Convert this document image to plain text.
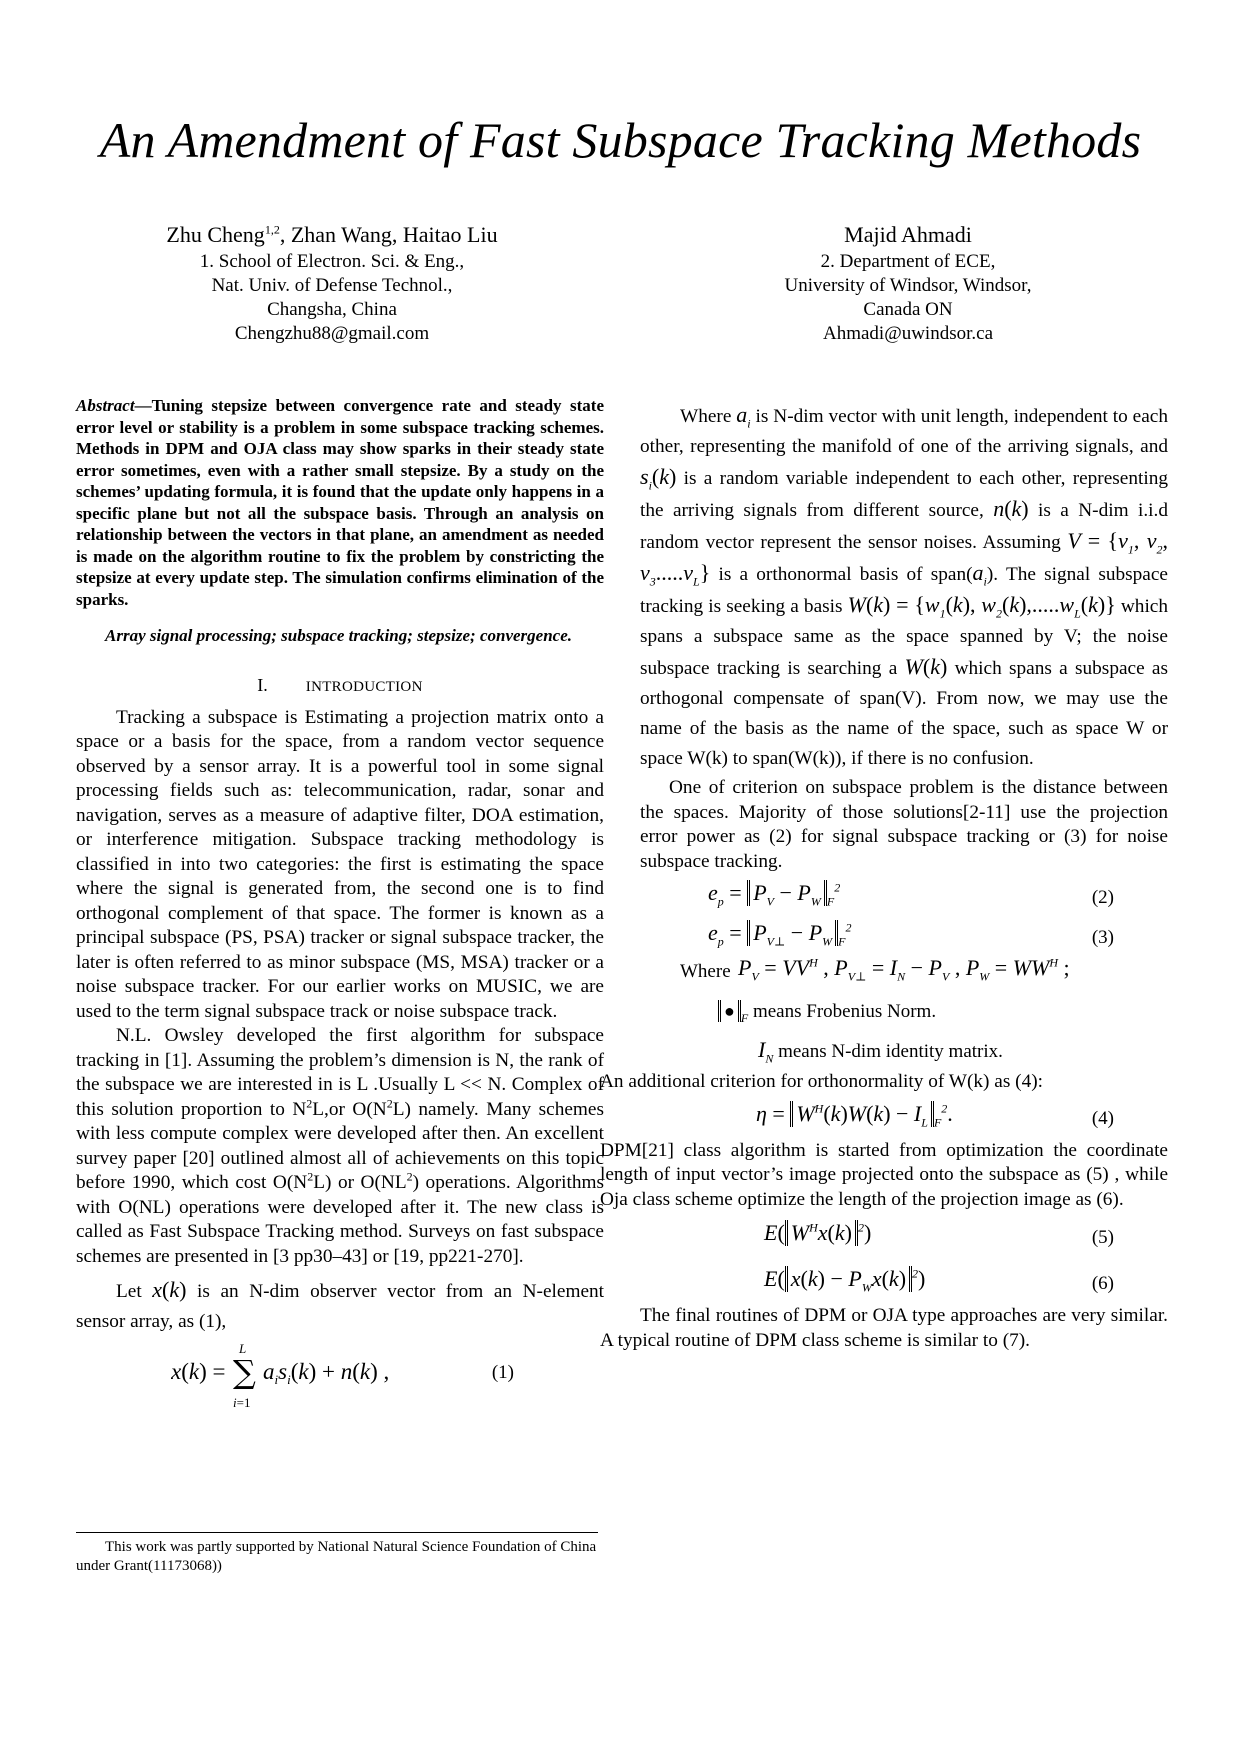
An Amendment of Fast Subspace Tracking Methods
Zhu Cheng$^{1,2}$, Zhan Wang, Haitao Liu
1. School of Electron. Sci. & Eng.,
Nat. Univ. of Defense Technol.,
Changsha, China
Chengzhu88@gmail.com
Majid Ahmadi
2. Department of ECE,
University of Windsor, Windsor,
Canada ON
Ahmadi@uwindsor.ca

Abstract—Tuning stepsize between convergence rate and steady state error level or stability is a problem in some subspace tracking schemes. Methods in DPM and OJA class may show sparks in their steady state error sometimes, even with a rather small stepsize. By a study on the schemes’ updating formula, it is found that the update only happens in a specific plane but not all the subspace basis. Through an analysis on relationship between the vectors in that plane, an amendment as needed is made on the algorithm routine to fix the problem by constricting the stepsize at every update step. The simulation confirms elimination of the sparks.

Array signal processing; subspace tracking; stepsize; convergence.

I.	INTRODUCTION

Tracking a subspace is Estimating a projection matrix onto a space or a basis for the space, from a random vector sequence observed by a sensor array. It is a powerful tool in some signal processing fields such as: telecommunication, radar, sonar and navigation, serves as a measure of adaptive filter, DOA estimation, or interference mitigation. Subspace tracking methodology is classified in into two categories: the first is estimating the space where the signal is generated from, the second one is to find orthogonal complement of that space. The former is known as a principal subspace (PS, PSA) tracker or signal subspace tracker, the later is often referred to as minor subspace (MS, MSA) tracker or a noise subspace tracker. For our earlier works on MUSIC, we are used to the term signal subspace track or noise subspace track.

N.L. Owsley developed the first algorithm for subspace tracking in [1]. Assuming the problem’s dimension is N, the rank of the subspace we are interested in is L .Usually L << N. Complex of this solution proportion to $N^2L,or$ $O(N^2L)$ namely. Many schemes with less compute complex were developed after then. An excellent survey paper [20] outlined almost all of achievements on this topic before 1990, which cost $O(N^2L)$ or $O(NL^2)$ operations. Algorithms with O(NL) operations were developed after it. The new class is called as Fast Subspace Tracking method. Surveys on fast subspace schemes are presented in [3 pp30–43] or [19, pp221-270].

Let x(k) is an N-dim observer vector from an N-element sensor array, as (1),

x(k) = ∑
L
i=1
$a_is_i(k) + n(k)$ ,	(1)
This work was partly supported by National Natural Science Foundation of China under Grant(11173068))

Where $a_i$ is N-dim vector with unit length, independent to each other, representing the manifold of one of the arriving signals, and $s_i(k)$ is a random variable independent to each other, representing the arriving signals from different source, n(k) is a N-dim i.i.d random vector represent the sensor noises. Assuming $V = \{v_1$, $v_2$, $v_3.....v_L$} is a orthonormal basis of $span(a_i)$. The signal subspace tracking is seeking a basis $W(k) = \{w_1(k)$, $w_2(k),.....w_L(k)$} which spans a subspace same as the space spanned by V; the noise subspace tracking is searching a W(k) which spans a subspace as orthogonal compensate of span(V). From now, we may use the name of the basis as the name of the space, such as space W or space W(k) to span(W(k)), if there is no confusion.

One of criterion on subspace problem is the distance between the spaces. Majority of those solutions[2-11] use the projection error power as (2) for signal subspace tracking or (3) for noise subspace tracking.

$e_p = P_V - P_W$ $_F^2$	(2)
$e_p = P_{V\perp} - P_W$ $_F^2$	(3)
Where $P_V = VV^H$ , $P_{V\perp} = I_N - P_V$ , $P_W = WW^H$ ;
● $_F$ means Frobenius Norm.
$I_N$ means N-dim identity matrix.

An additional criterion for orthonormality of W(k) as (4):

$\eta = W^H(k)W(k) - I_L$ $_F^2$.	(4)

DPM[21] class algorithm is started from optimization the coordinate length of input vector’s image projected onto the subspace as (5) , while Oja class scheme optimize the length of the projection image as (6).

E( $W^Hx(k)$ $^2$)	(5)
E( $x(k) - P_Wx(k)$ $^2$)	(6)

The final routines of DPM or OJA type approaches are very similar. A typical routine of DPM class scheme is similar to (7).
